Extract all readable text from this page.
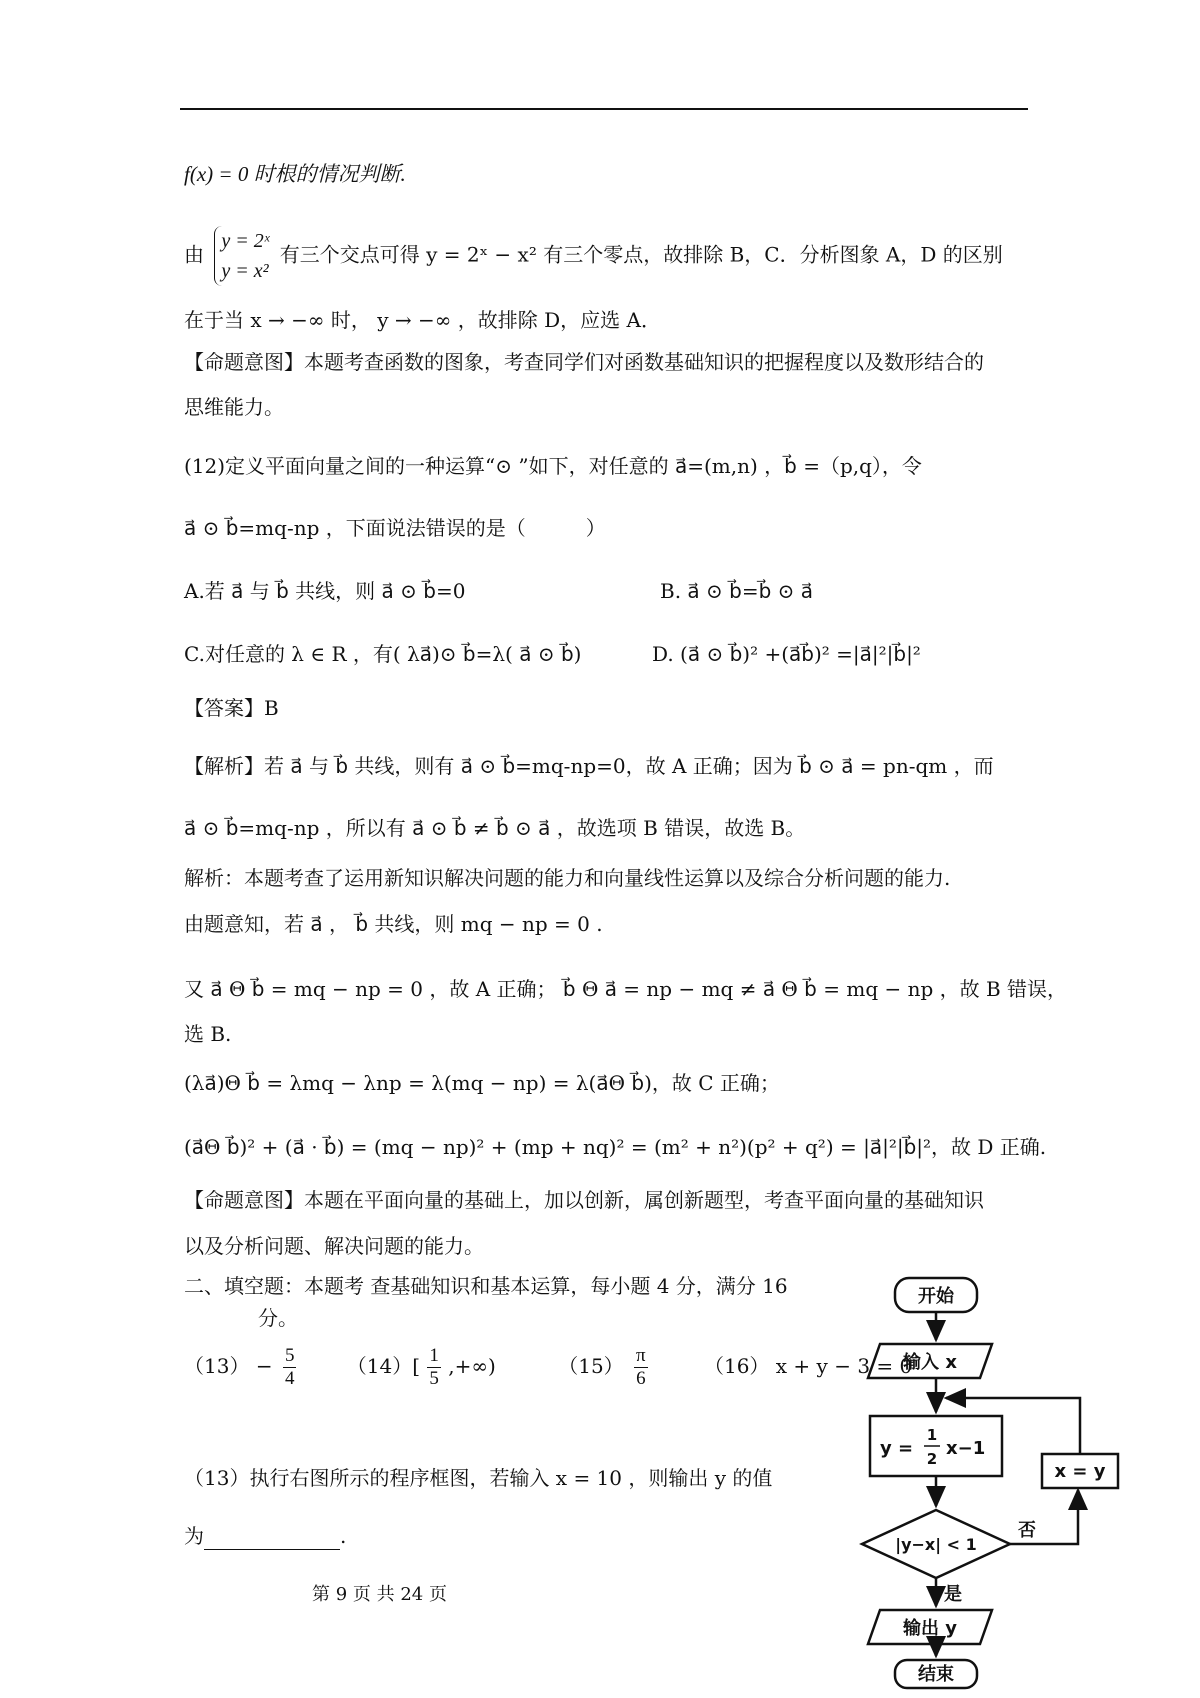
f(x) = 0 时根的情况判断.
由
y = 2ˣ
y = x²
有三个交点可得 y = 2ˣ − x² 有三个零点，故排除 B，C．分析图象 A，D 的区别
在于当 x → −∞ 时， y → −∞ ，故排除 D，应选 A．
【命题意图】本题考查函数的图象，考查同学们对函数基础知识的把握程度以及数形结合的
思维能力。
(12)定义平面向量之间的一种运算“⊙ ”如下，对任意的 a⃗=(m,n) ，b⃗ =（p,q），令
a⃗ ⊙ b⃗=mq-np ，下面说法错误的是（　　　）
A.若 a⃗ 与 b⃗ 共线，则 a⃗ ⊙ b⃗=0	B. a⃗ ⊙ b⃗=b⃗ ⊙ a⃗
C.对任意的 λ ∈ R ，有( λa⃗)⊙ b⃗=λ( a⃗ ⊙ b⃗)	D. (a⃗ ⊙ b⃗)² +(a⃗b⃗)² =|a⃗|²|b⃗|²
【答案】B
【解析】若 a⃗ 与 b⃗ 共线，则有 a⃗ ⊙ b⃗=mq-np=0，故 A 正确；因为 b⃗ ⊙ a⃗ = pn-qm ，而
a⃗ ⊙ b⃗=mq-np ，所以有 a⃗ ⊙ b⃗ ≠ b⃗ ⊙ a⃗ ，故选项 B 错误，故选 B。
解析：本题考查了运用新知识解决问题的能力和向量线性运算以及综合分析问题的能力.
由题意知，若 a⃗ ， b⃗ 共线，则 mq − np = 0 .
又 a⃗ Θ b⃗ = mq − np = 0 ，故 A 正确； b⃗ Θ a⃗ = np − mq ≠ a⃗ Θ b⃗ = mq − np ，故 B 错误，
选 B.
(λa⃗)Θ b⃗ = λmq − λnp = λ(mq − np) = λ(a⃗Θ b⃗)，故 C 正确；
(a⃗Θ b⃗)² + (a⃗ · b⃗) = (mq − np)² + (mp + nq)² = (m² + n²)(p² + q²) = |a⃗|²|b⃗|²，故 D 正确.
【命题意图】本题在平面向量的基础上，加以创新，属创新题型，考查平面向量的基础知识
以及分析问题、解决问题的能力。
二、填空题：本题考 查基础知识和基本运算，每小题 4 分，满分 16
分。
$(13) - \frac{5}{4}$	$(14)[ \frac{1}{5}$ ,+∞)	$(15) \frac{\pi}{6}$	（16） x + y − 3 = 0
（13）执行右图所示的程序框图，若输入 x = 10 ，则输出 y 的值
为	.
第 9 页 共 24 页
开始
输入 x
y =
1
2 x−1
|y−x| < 1
x = y
否
是
输出 y
结束
